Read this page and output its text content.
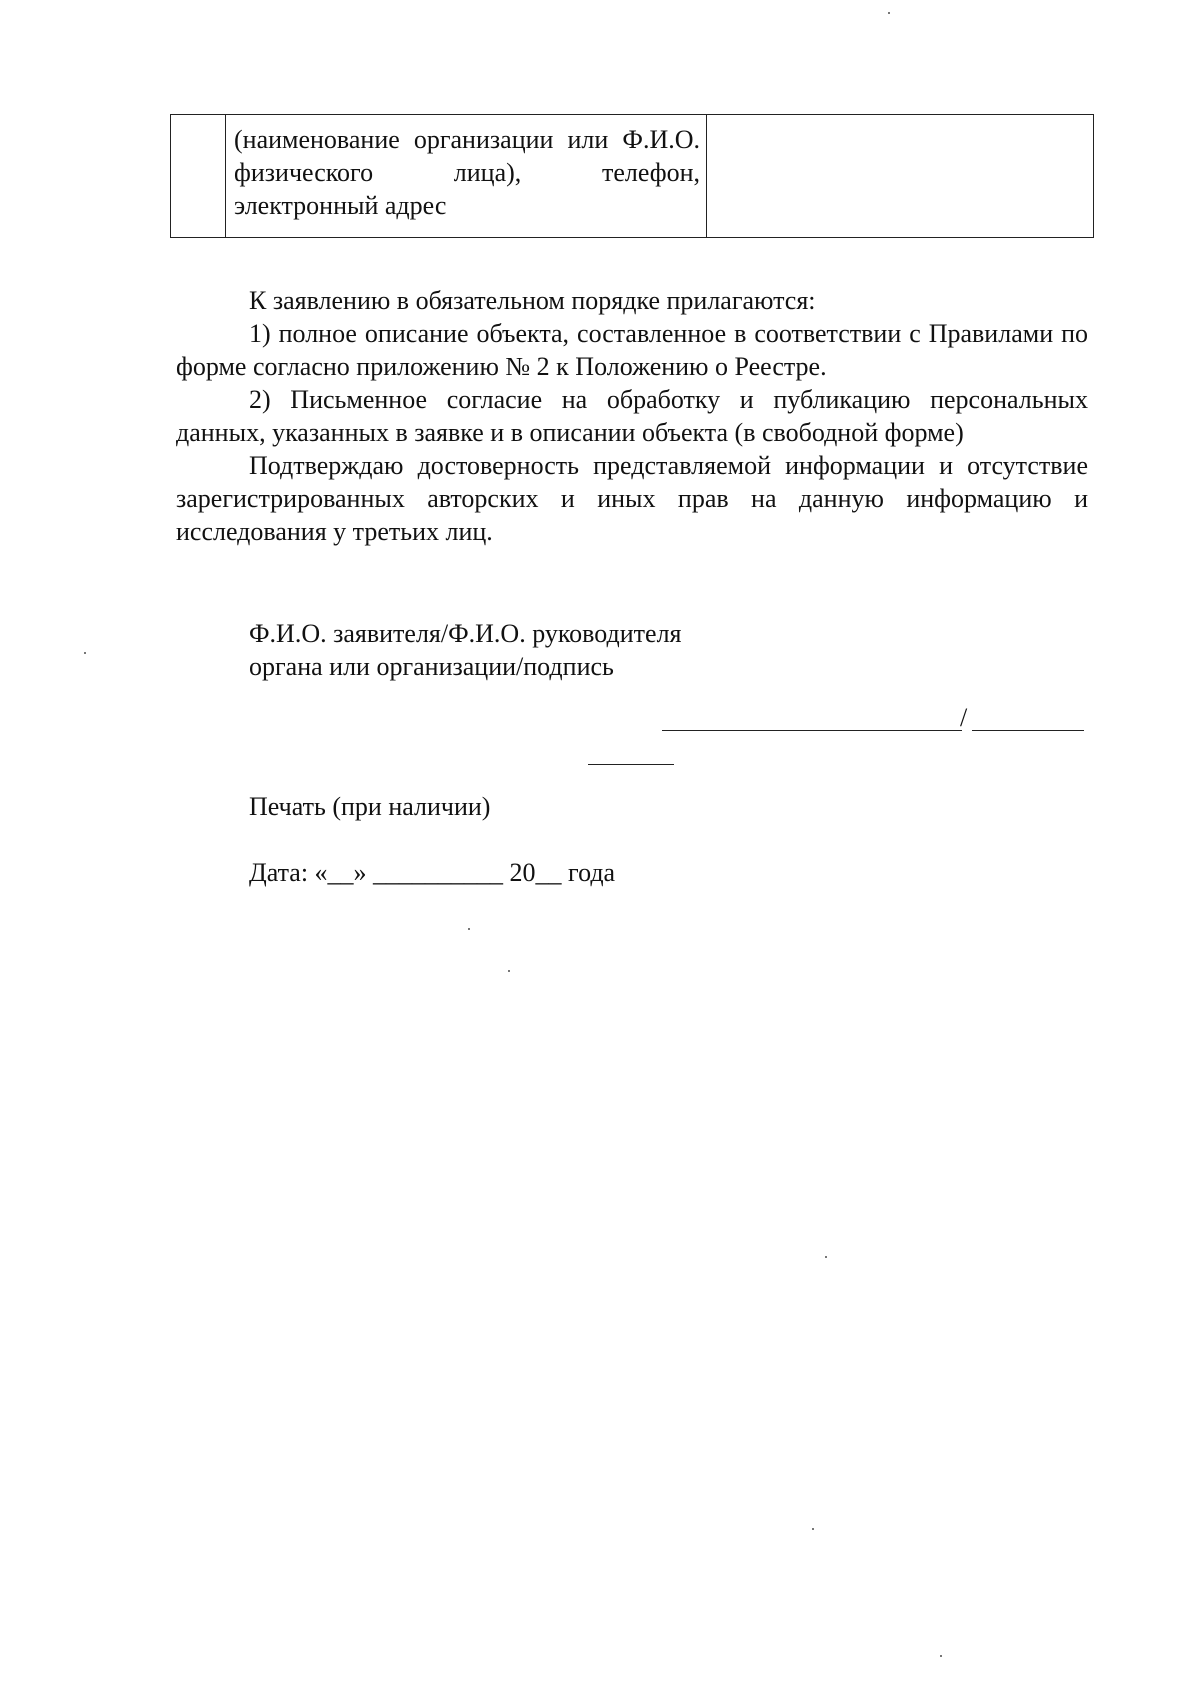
(наименование организации или Ф.И.О. физического лица), телефон, электронный адрес

К заявлению в обязательном порядке прилагаются:

1) полное описание объекта, составленное в соответствии с Правилами по форме согласно приложению № 2 к Положению о Реестре.

2) Письменное согласие на обработку и публикацию персональных данных, указанных в заявке и в описании объекта (в свободной форме)

Подтверждаю достоверность представляемой информации и отсутствие зарегистрированных авторских и иных прав на данную информацию и исследования у третьих лиц.

Ф.И.О. заявителя/Ф.И.О. руководителя

органа или организации/подпись

/

Печать (при наличии)

Дата: «__» __________ 20__ года
